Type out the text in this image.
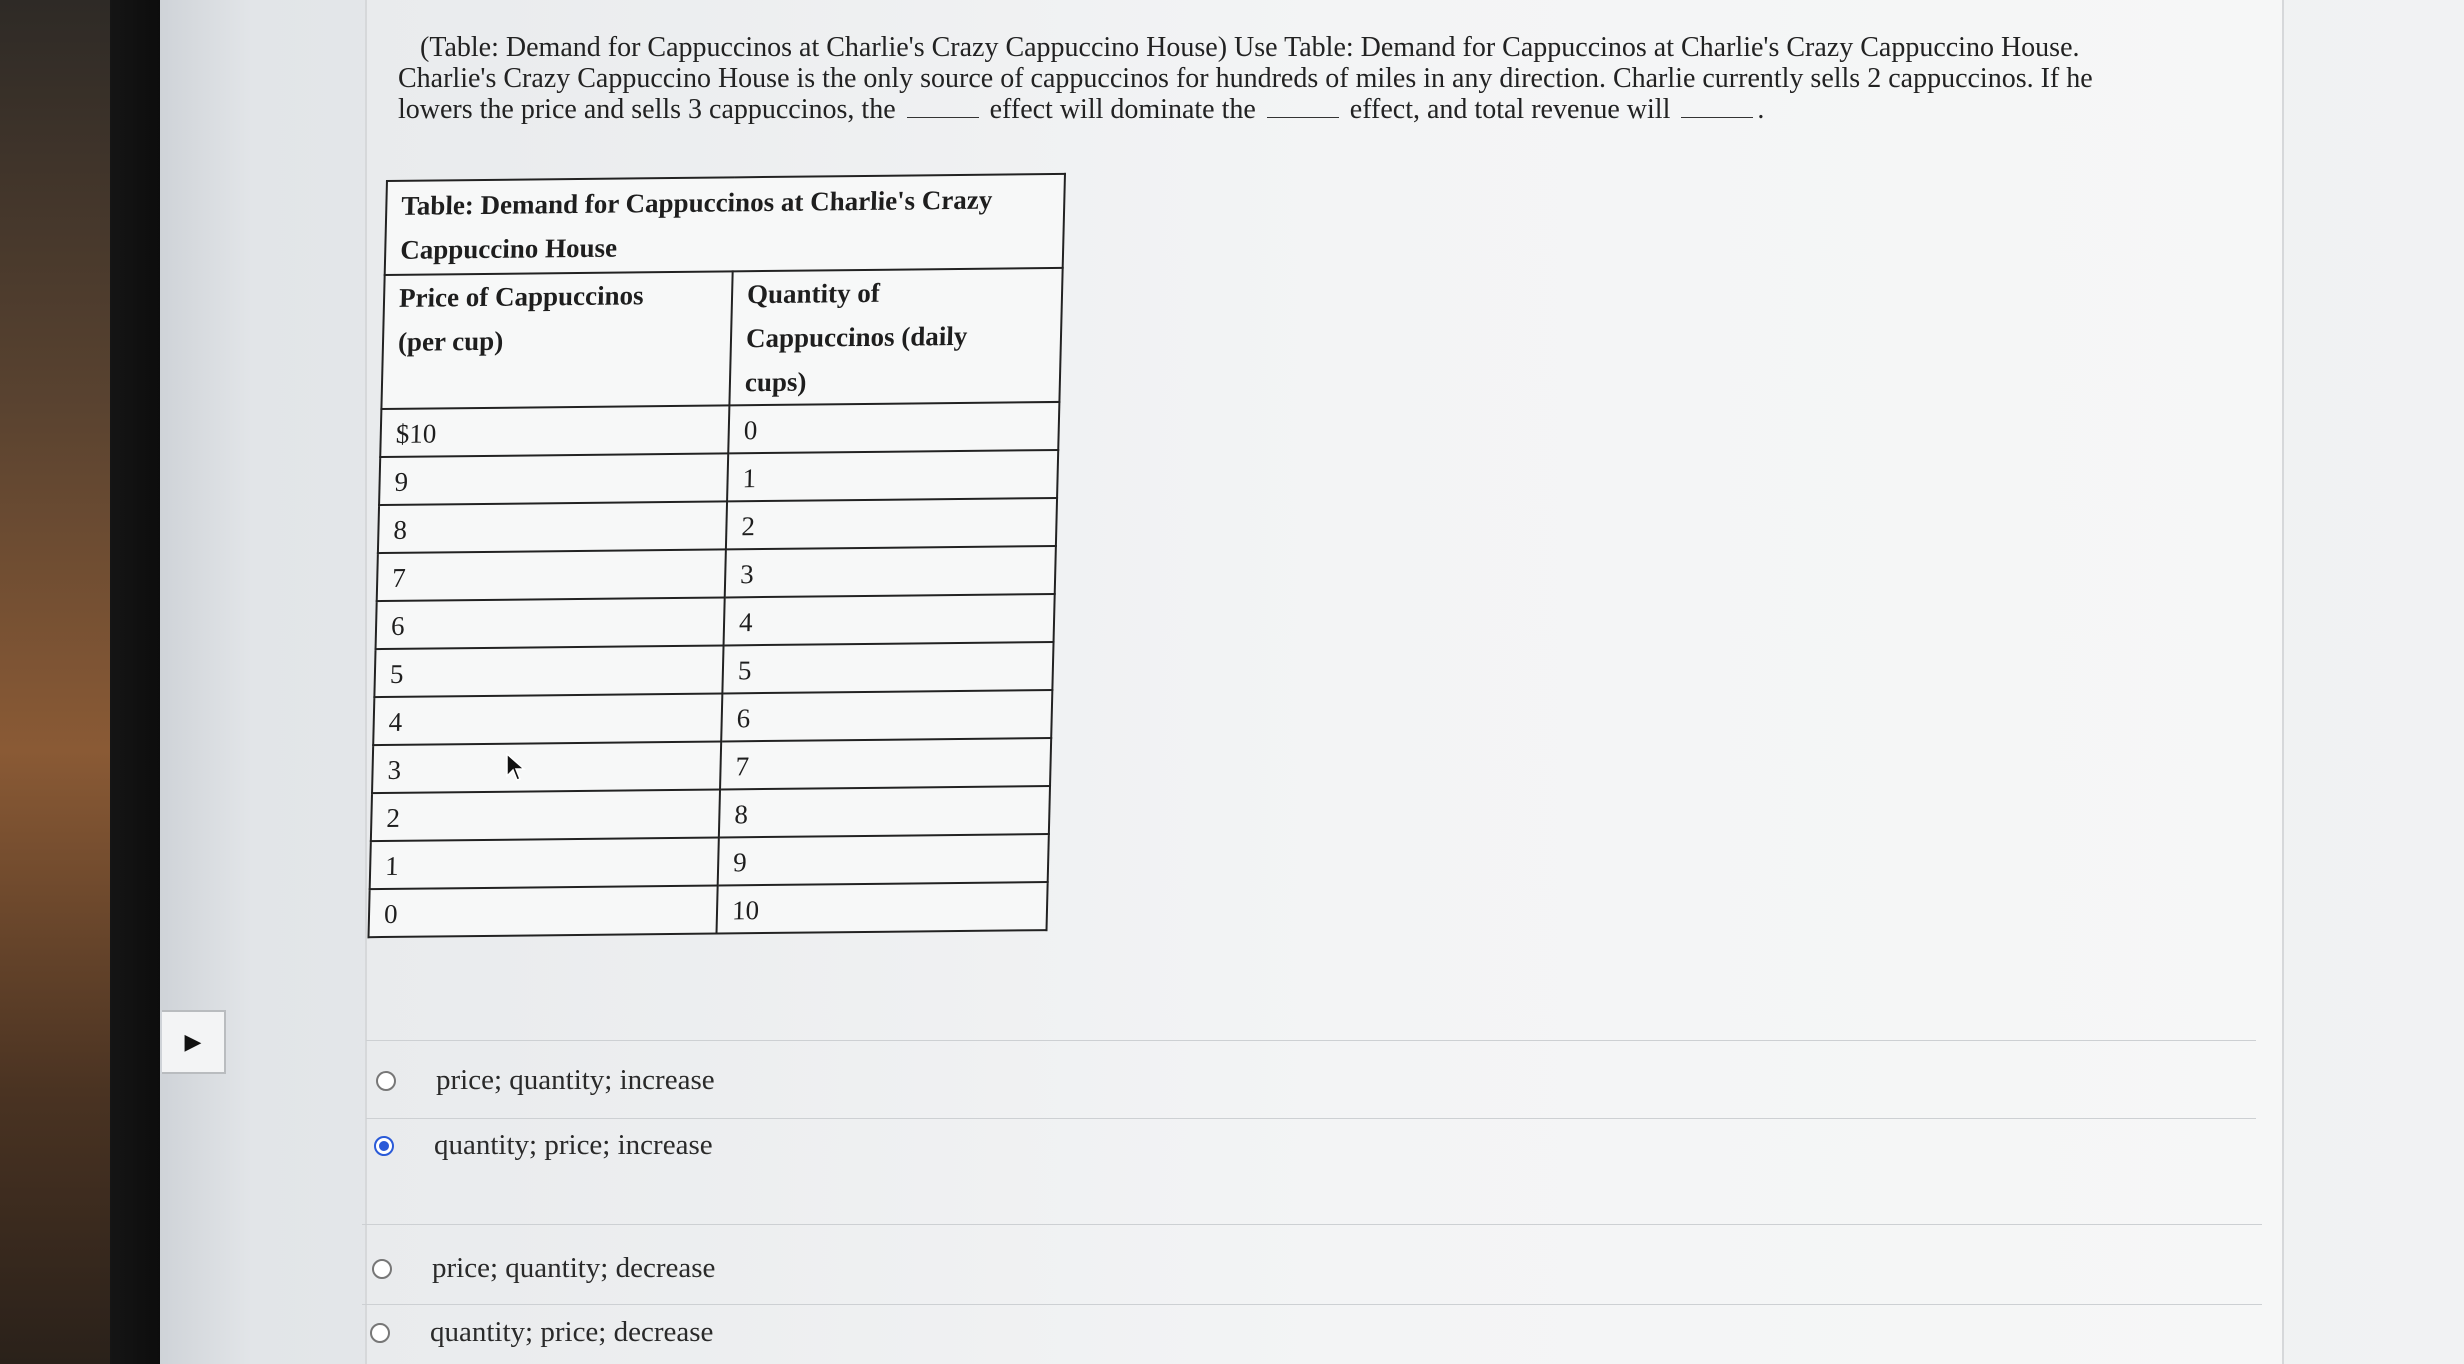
(Table: Demand for Cappuccinos at Charlie's Crazy Cappuccino House) Use Table: Demand for Cappuccinos at Charlie's Crazy Cappuccino House.
Charlie's Crazy Cappuccino House is the only source of cappuccinos for hundreds of miles in any direction. Charlie currently sells 2 cappuccinos. If he
lowers the price and sells 3 cappuccinos, the	effect will dominate the	effect, and total revenue will	.
Table: Demand for Cappuccinos at Charlie's Crazy
Cappuccino House	
Price of Cappuccinos
(per cup)	Quantity of
Cappuccinos (daily
cups)
$10	0
9	1
8	2
7	3
6	4
5	5
4	6
3	7
2	8
1	9
0	10
▶
price; quantity; increase
quantity; price; increase
price; quantity; decrease
quantity; price; decrease
